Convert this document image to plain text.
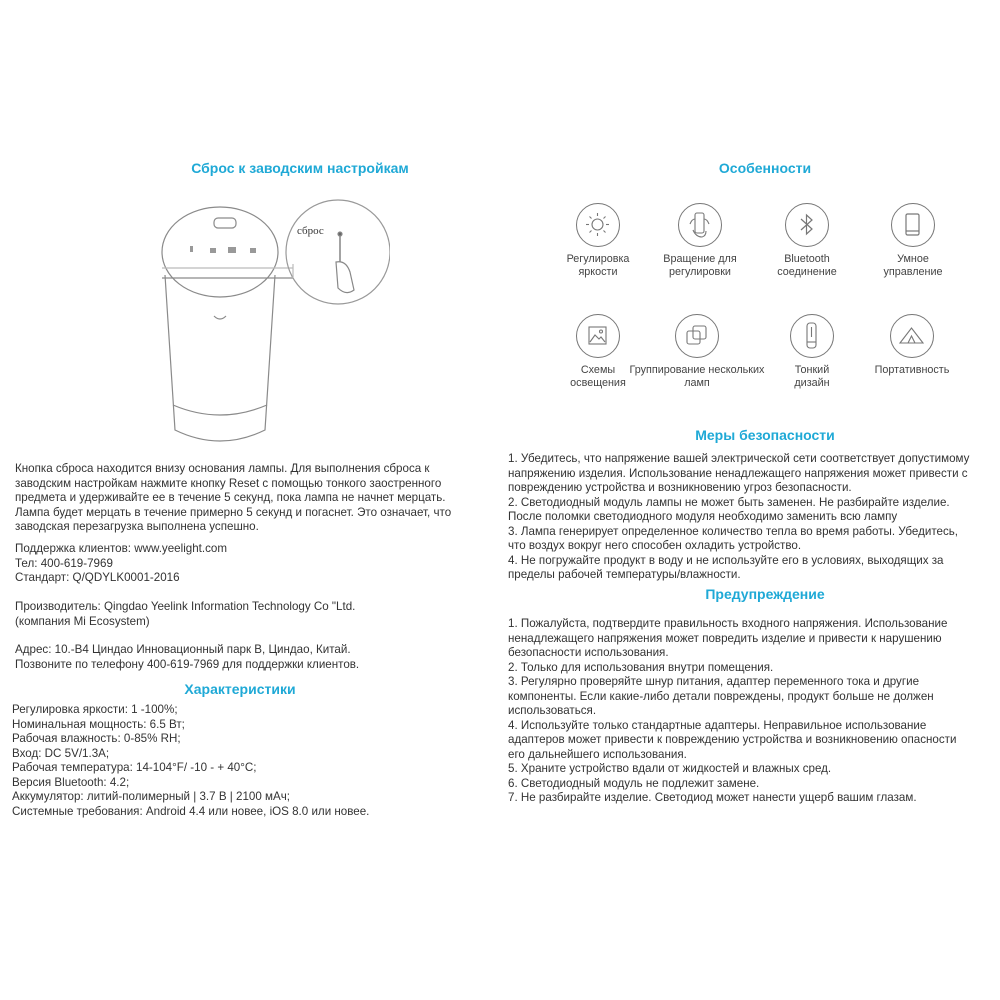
Сброс к заводским настройкам
сброс
Кнопка сброса находится внизу основания лампы. Для выполнения сброса к
заводским настройкам нажмите кнопку Reset с помощью тонкого заостренного
предмета и удерживайте ее в течение 5 секунд, пока лампа не начнет мерцать.
Лампа будет мерцать в течение примерно 5 секунд и погаснет. Это означает, что
заводская перезагрузка выполнена успешно.
Поддержка клиентов: www.yeelight.com
Тел: 400-619-7969
Стандарт: Q/QDYLK0001-2016
Производитель: Qingdao Yeelink Information Technology Co "Ltd.
(компания Mi Ecosystem)
Адрес: 10.-B4 Циндао Инновационный парк B, Циндао, Китай.
Позвоните по телефону 400-619-7969 для поддержки клиентов.
Характеристики
Регулировка яркости: 1 -100%;
Номинальная мощность: 6.5 Вт;
Рабочая влажность: 0-85% RH;
Вход: DC 5V/1.3A;
Рабочая температура: 14-104°F/ -10 - + 40°C;
Версия Bluetooth: 4.2;
Аккумулятор: литий-полимерный | 3.7 В | 2100 мАч;
Системные требования: Android 4.4 или новее, iOS 8.0 или новее.
Особенности
Регулировка
яркости
Вращение для
регулировки
Bluetooth
соединение
Умное
управление
Схемы
освещения
Группирование нескольких
ламп
Тонкий
дизайн
Портативность
Меры безопасности
1. Убедитесь, что напряжение вашей электрической сети соответствует допустимому
напряжению изделия. Использование ненадлежащего напряжения может привести с
повреждению устройства и возникновению угроз безопасности.
2. Светодиодный модуль лампы не может быть заменен. Не разбирайте изделие.
После поломки светодиодного модуля необходимо заменить всю лампу
3. Лампа генерирует определенное количество тепла во время работы. Убедитесь,
что воздух вокруг него способен охладить устройство.
4. Не погружайте продукт в воду и не используйте его в условиях, выходящих за
пределы рабочей температуры/влажности.
Предупреждение
1. Пожалуйста, подтвердите правильность входного напряжения. Использование
ненадлежащего напряжения может повредить изделие и привести к нарушению
безопасности использования.
2. Только для использования внутри помещения.
3. Регулярно проверяйте шнур питания, адаптер переменного тока и другие
компоненты. Если какие-либо детали повреждены, продукт больше не должен
использоваться.
4. Используйте только стандартные адаптеры. Неправильное использование
адаптеров может привести к повреждению устройства и возникновению опасности
его дальнейшего использования.
5. Храните устройство вдали от жидкостей и влажных сред.
6. Светодиодный модуль не подлежит замене.
7. Не разбирайте изделие. Светодиод может нанести ущерб вашим глазам.
